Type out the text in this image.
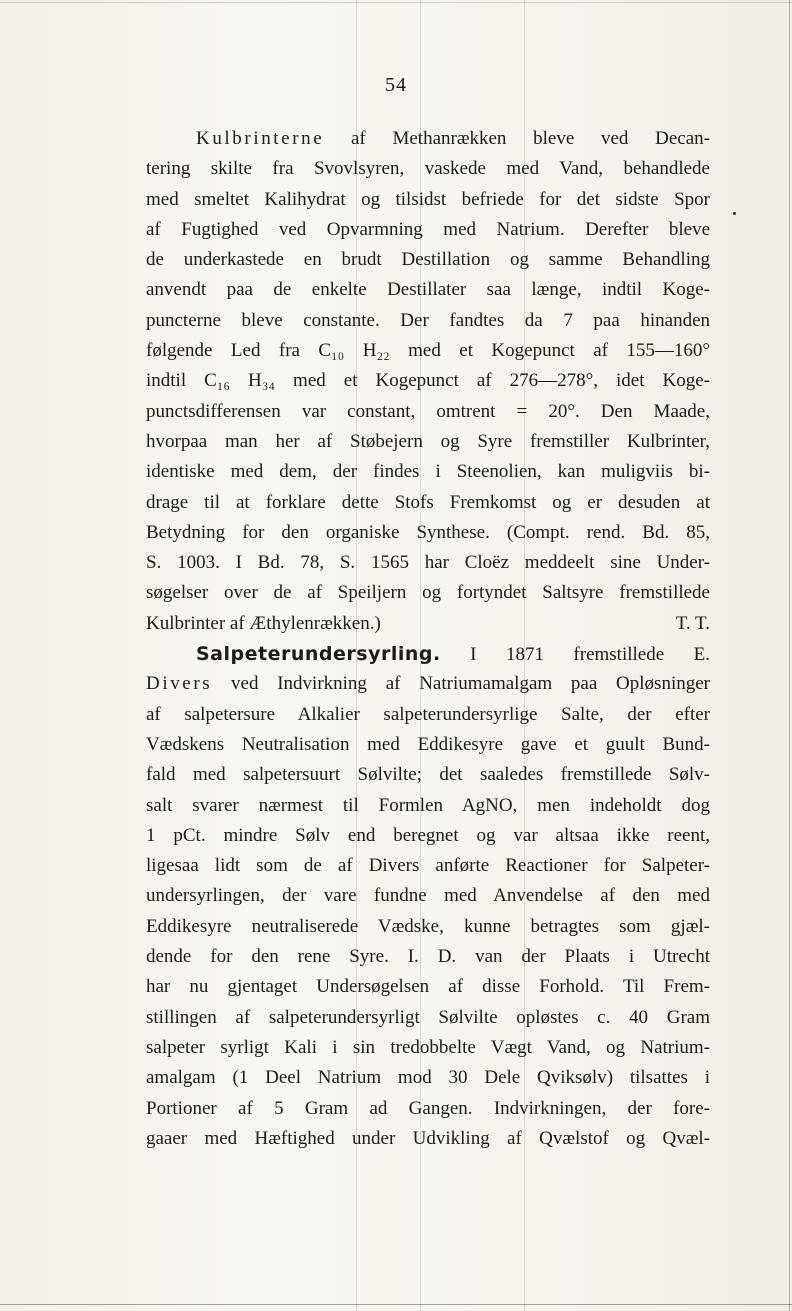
54
Kulbrinterne af Methanrækken bleve ved Decan-
tering skilte fra Svovlsyren, vaskede med Vand, behandlede
med smeltet Kalihydrat og tilsidst befriede for det sidste Spor
af Fugtighed ved Opvarmning med Natrium. Derefter bleve
de underkastede en brudt Destillation og samme Behandling
anvendt paa de enkelte Destillater saa længe, indtil Koge-
puncterne bleve constante. Der fandtes da 7 paa hinanden
følgende Led fra C₁₀ H₂₂ med et Kogepunct af 155—160°
indtil C₁₆ H₃₄ med et Kogepunct af 276—278°, idet Koge-
punctsdifferensen var constant, omtrent = 20°. Den Maade,
hvorpaa man her af Støbejern og Syre fremstiller Kulbrinter,
identiske med dem, der findes i Steenolien, kan muligviis bi-
drage til at forklare dette Stofs Fremkomst og er desuden at
Betydning for den organiske Synthese. (Compt. rend. Bd. 85,
S. 1003. I Bd. 78, S. 1565 har Cloëz meddeelt sine Under-
søgelser over de af Speiljern og fortyndet Saltsyre fremstillede
Kulbrinter af Æthylenrækken.)	T. T.
Salpeterundersyrling. I 1871 fremstillede E.
Divers ved Indvirkning af Natriumamalgam paa Opløsninger
af salpetersure Alkalier salpeterundersyrlige Salte, der efter
Vædskens Neutralisation med Eddikesyre gave et guult Bund-
fald med salpetersuurt Sølvilte; det saaledes fremstillede Sølv-
salt svarer nærmest til Formlen AgNO, men indeholdt dog
1 pCt. mindre Sølv end beregnet og var altsaa ikke reent,
ligesaa lidt som de af Divers anførte Reactioner for Salpeter-
undersyrlingen, der vare fundne med Anvendelse af den med
Eddikesyre neutraliserede Vædske, kunne betragtes som gjæl-
dende for den rene Syre. I. D. van der Plaats i Utrecht
har nu gjentaget Undersøgelsen af disse Forhold. Til Frem-
stillingen af salpeterundersyrligt Sølvilte opløstes c. 40 Gram
salpeter syrligt Kali i sin tredobbelte Vægt Vand, og Natrium-
amalgam (1 Deel Natrium mod 30 Dele Qviksølv) tilsattes i
Portioner af 5 Gram ad Gangen. Indvirkningen, der fore-
gaaer med Hæftighed under Udvikling af Qvælstof og Qvæl-
